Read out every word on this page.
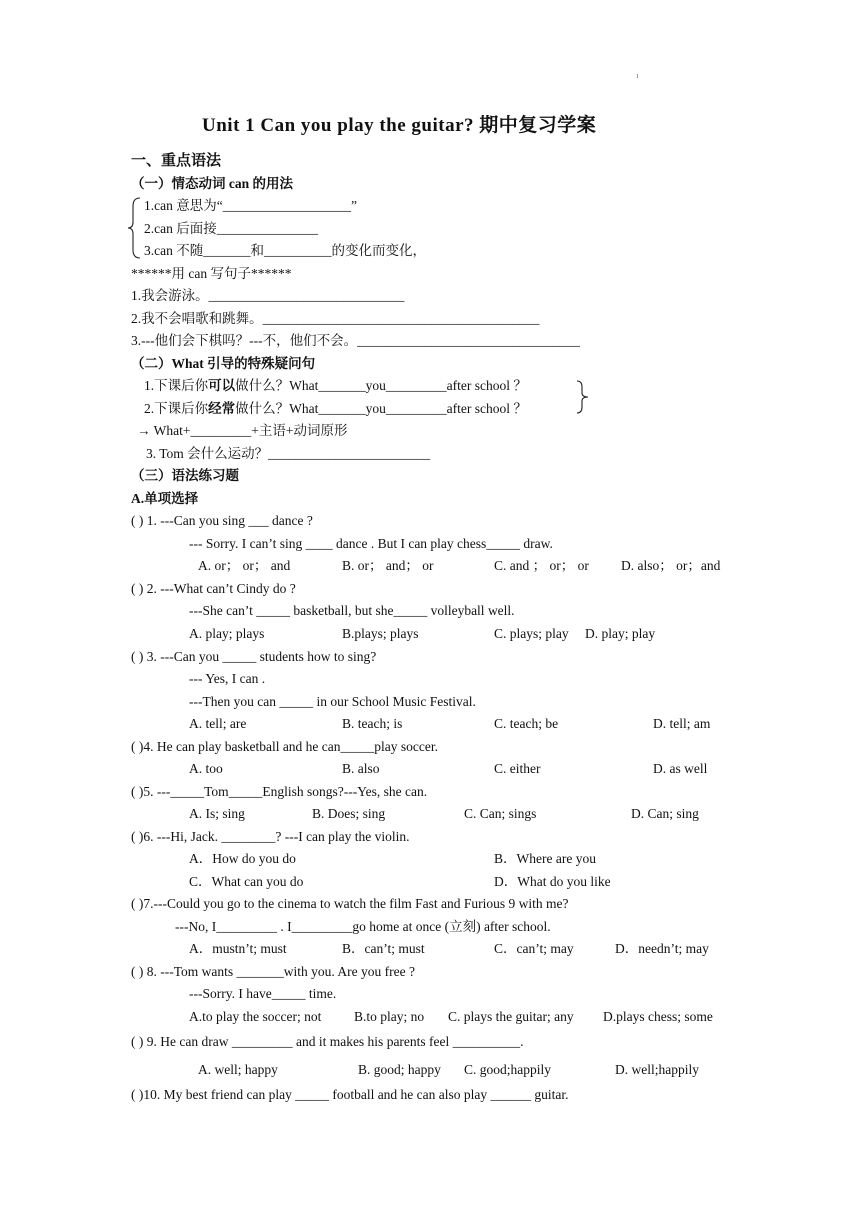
1
Unit 1 Can you play the guitar? 期中复习学案
一、重点语法
（一）情态动词 can 的用法
1.can 意思为“___________________”
2.can 后面接_______________
3.can 不随_______和__________的变化而变化，
******用 can 写句子******
1.我会游泳。_____________________________
2.我不会唱歌和跳舞。_________________________________________
3.---他们会下棋吗？---不，他们不会。_________________________________
（二）What 引导的特殊疑问句
1.下课后你可以做什么？What_______you_________after school ？
2.下课后你经常做什么？What_______you_________after school ？
→ What+_________+主语+动词原形
3. Tom 会什么运动？________________________
（三）语法练习题
A.单项选择
( ) 1. ---Can you sing ___ dance ?
--- Sorry. I can’t sing ____ dance . But I can play chess_____ draw.
A. or； or； and	B. or； and； or	C. and ； or； or D. also； or；and
( ) 2. ---What can’t Cindy do ?
---She can’t _____ basketball, but she_____ volleyball well.
A. play; plays	B.plays; plays	C. plays; play D. play; play
( ) 3. ---Can you _____ students how to sing?
--- Yes, I can .
---Then you can _____ in our School Music Festival.
A. tell; are	B. teach; is	C. teach; be	D. tell; am
( )4. He can play basketball and he can_____play soccer.
A. too	B. also	C. either	D. as well
( )5. ---_____Tom_____English songs?---Yes, she can.
A. Is; sing	B. Does; sing	C. Can; sings	D. Can; sing
( )6. ---Hi, Jack. ________? ---I can play the violin.
A．How do you do	B．Where are you
C．What can you do	D．What do you like
( )7.---Could you go to the cinema to watch the film Fast and Furious 9 with me?
---No, I_________ . I_________go home at once (立刻) after school.
A．mustn’t; must	B．can’t; must	C．can’t; may	D．needn’t; may
( ) 8. ---Tom wants _______with you. Are you free ?
---Sorry. I have_____ time.
A.to play the soccer; not B.to play; no C. plays the guitar; any D.plays chess; some
( ) 9. He can draw _________ and it makes his parents feel __________.
A. well; happy	B. good; happy C. good;happily	D. well;happily
( )10. My best friend can play _____ football and he can also play ______ guitar.
